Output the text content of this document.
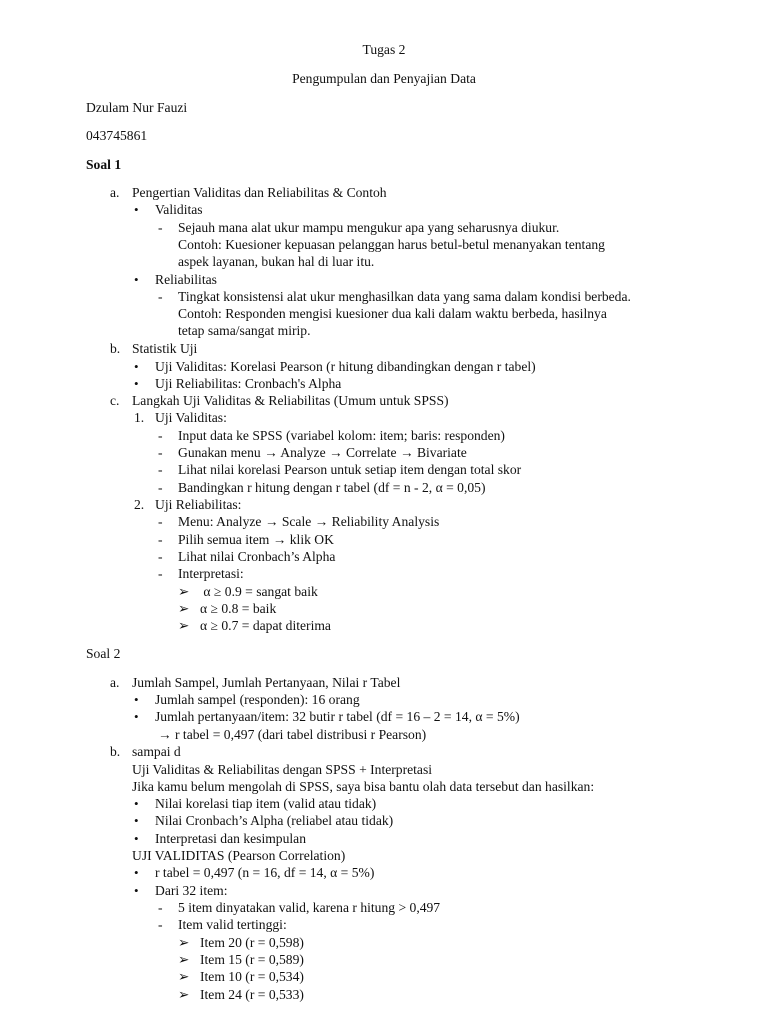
Tugas 2
Pengumpulan dan Penyajian Data
Dzulam Nur Fauzi
043745861
Soal 1
a. Pengertian Validitas dan Reliabilitas & Contoh
• Validitas
- Sejauh mana alat ukur mampu mengukur apa yang seharusnya diukur.
Contoh: Kuesioner kepuasan pelanggan harus betul-betul menanyakan tentang
aspek layanan, bukan hal di luar itu.
• Reliabilitas
- Tingkat konsistensi alat ukur menghasilkan data yang sama dalam kondisi berbeda.
Contoh: Responden mengisi kuesioner dua kali dalam waktu berbeda, hasilnya
tetap sama/sangat mirip.
b. Statistik Uji
• Uji Validitas: Korelasi Pearson (r hitung dibandingkan dengan r tabel)
• Uji Reliabilitas: Cronbach's Alpha
c. Langkah Uji Validitas & Reliabilitas (Umum untuk SPSS)
1. Uji Validitas:
- Input data ke SPSS (variabel kolom: item; baris: responden)
- Gunakan menu → Analyze → Correlate → Bivariate
- Lihat nilai korelasi Pearson untuk setiap item dengan total skor
- Bandingkan r hitung dengan r tabel (df = n - 2, α = 0,05)
2. Uji Reliabilitas:
- Menu: Analyze → Scale → Reliability Analysis
- Pilih semua item → klik OK
- Lihat nilai Cronbach’s Alpha
- Interpretasi:
➢ α ≥ 0.9 = sangat baik
➢ α ≥ 0.8 = baik
➢ α ≥ 0.7 = dapat diterima
Soal 2
a. Jumlah Sampel, Jumlah Pertanyaan, Nilai r Tabel
• Jumlah sampel (responden): 16 orang
• Jumlah pertanyaan/item: 32 butir r tabel (df = 16 – 2 = 14, α = 5%)
→ r tabel = 0,497 (dari tabel distribusi r Pearson)
b. sampai d
Uji Validitas & Reliabilitas dengan SPSS + Interpretasi
Jika kamu belum mengolah di SPSS, saya bisa bantu olah data tersebut dan hasilkan:
• Nilai korelasi tiap item (valid atau tidak)
• Nilai Cronbach’s Alpha (reliabel atau tidak)
• Interpretasi dan kesimpulan
UJI VALIDITAS (Pearson Correlation)
• r tabel = 0,497 (n = 16, df = 14, α = 5%)
• Dari 32 item:
- 5 item dinyatakan valid, karena r hitung > 0,497
- Item valid tertinggi:
➢ Item 20 (r = 0,598)
➢ Item 15 (r = 0,589)
➢ Item 10 (r = 0,534)
➢ Item 24 (r = 0,533)
